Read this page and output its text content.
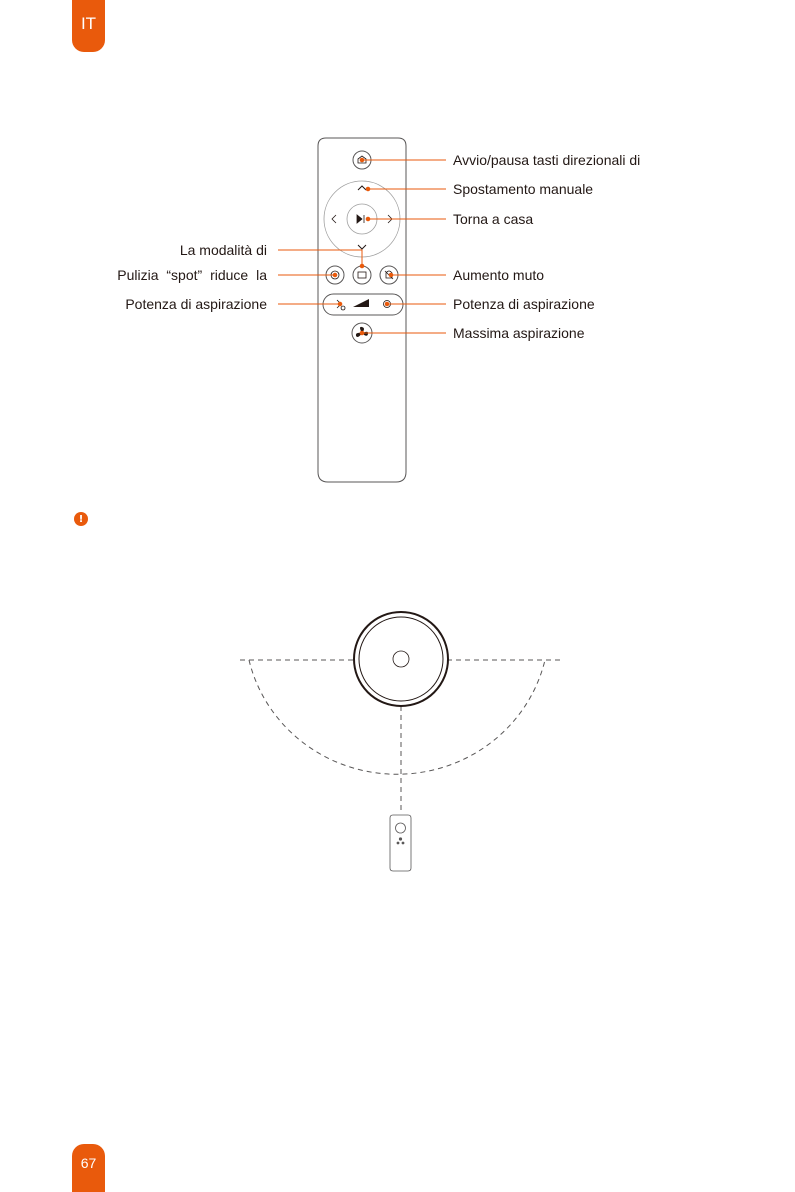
IT
Avvio/pausa tasti direzionali di
Spostamento manuale
Torna a casa
Aumento muto
Potenza di aspirazione
Massima aspirazione
La modalità di
Pulizia “spot” riduce la
Potenza di aspirazione
!
67
